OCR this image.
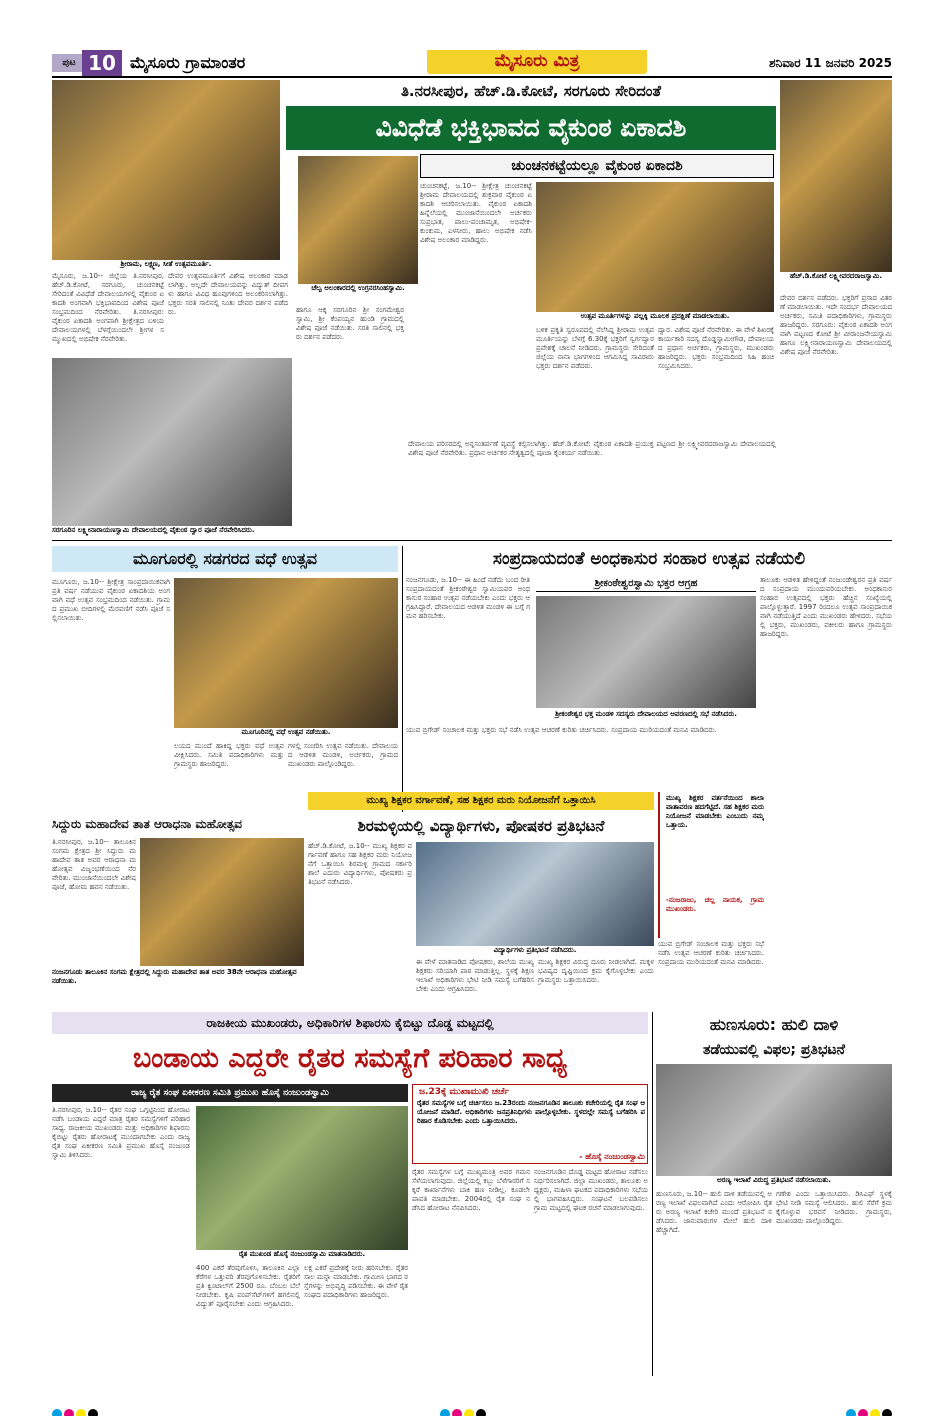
ಪುಟ 10 ಮೈಸೂರು ಗ್ರಾಮಾಂತರ	ಮೈಸೂರು ಮಿತ್ರ	ಶನಿವಾರ 11 ಜನವರಿ 2025
ಶ್ರೀರಾಮ, ಲಕ್ಷ್ಮಣ, ಸೀತೆ ಉತ್ಸವಮೂರ್ತಿ.
ತಿ.ನರಸೀಪುರ, ಹೆಚ್.ಡಿ.ಕೋಟೆ, ಸರಗೂರು ಸೇರಿದಂತೆ
ವಿವಿಧೆಡೆ ಭಕ್ತಿಭಾವದ ವೈಕುಂಠ ಏಕಾದಶಿ
ಹೆಚ್.ಡಿ.ಕೋಟೆ ಲಕ್ಷ್ಮೀವರದರಾಜಸ್ವಾಮಿ.
ಚೆಲ್ವ ಅಲಂಕಾರದಲ್ಲಿ ಉಗ್ರನರಸಿಂಹಸ್ವಾಮಿ.
ಮೈಸೂರು, ಜ.10-- ಜಿಲ್ಲೆಯ ತಿ.ನರಸೀಪುರ, ಹೆಚ್.ಡಿ.ಕೋಟೆ, ಸರಗೂರು, ಚುಂಚನಕಟ್ಟೆ ಸೇರಿದಂತೆ ವಿವಿಧೆಡೆ ದೇವಾಲಯಗಳಲ್ಲಿ ವೈಕುಂಠ ಏಕಾದಶಿ ಅಂಗವಾಗಿ ಭಕ್ತಿಭಾವದಿಂದ ವಿಶೇಷ ಪೂಜೆ ಸಂಭ್ರಮದಿಂದ ನೆರವೇರಿತು. ತಿ.ನರಸೀಪುರ: ವೈಕುಂಠ ಏಕಾದಶಿ ಅಂಗವಾಗಿ ಶ್ರೀಕ್ಷೇತ್ರದ ಬಳಿಯ ದೇವಾಲಯಗಳಲ್ಲಿ ಬೆಳಗ್ಗೆಯಿಂದಲೇ ಶ್ರೀಗಳ ಸಮ್ಮುಖದಲ್ಲಿ ಅಭಿಷೇಕ ನೆರವೇರಿತು.
ದೇವರ ಉತ್ಸವಮೂರ್ತಿಗೆ ವಿಶೇಷ ಅಲಂಕಾರ ಮಾಡಲಾಗಿತ್ತು. ಅಲ್ಲದೇ ದೇವಾಲಯವನ್ನು ವಿದ್ಯುತ್ ದೀಪಗಳು ಹಾಗೂ ವಿವಿಧ ಹೂವುಗಳಿಂದ ಅಲಂಕರಿಸಲಾಗಿತ್ತು. ಭಕ್ತರು ಸರತಿ ಸಾಲಿನಲ್ಲಿ ನಿಂತು ದೇವರ ದರ್ಶನ ಪಡೆದರು.
ಸರಗೂರಿನ ಲಕ್ಷ್ಮೀನಾರಾಯಣಸ್ವಾಮಿ ದೇವಾಲಯದಲ್ಲಿ ವೈಕುಂಠ ದ್ವಾರ ಪೂಜೆ ನೆರವೇರಿಸಿದರು.
ಹಾಗೂ ಆಕ್ಕ ಸರಗೂರಿನ ಶ್ರೀ ಸಂಗಮೇಶ್ವರ ಸ್ವಾಮಿ, ಶ್ರೀ ಕೆಂಪಯ್ಯನ ಹುಂಡಿ ಗ್ರಾಮದಲ್ಲಿ ವಿಶೇಷ ಪೂಜೆ ನಡೆಯಿತು. ಸರತಿ ಸಾಲಿನಲ್ಲಿ ಭಕ್ತರು ದರ್ಶನ ಪಡೆದರು.
ದೇವರ ದರ್ಶನ ಪಡೆದರು. ಭಕ್ತರಿಗೆ ಪ್ರಸಾದ ವಿತರಣೆ ಮಾಡಲಾಯಿತು. ಇದೇ ಸಂದರ್ಭ ದೇವಾಲಯದ ಅರ್ಚಕರು, ಸಮಿತಿ ಪದಾಧಿಕಾರಿಗಳು, ಗ್ರಾಮಸ್ಥರು ಹಾಜರಿದ್ದರು. ಸರಗೂರು: ವೈಕುಂಠ ಏಕಾದಶಿ ಅಂಗವಾಗಿ ಪಟ್ಟಣದ ಕೋಟೆ ಶ್ರೀ ವೀರಾಂಜನೇಯಸ್ವಾಮಿ ಹಾಗೂ ಲಕ್ಷ್ಮೀನಾರಾಯಣಸ್ವಾಮಿ ದೇವಾಲಯದಲ್ಲಿ ವಿಶೇಷ ಪೂಜೆ ನೆರವೇರಿತು.
ಚುಂಚನಕಟ್ಟೆಯಲ್ಲೂ ವೈಕುಂಠ ಏಕಾದಶಿ
ಚುಂಚನಕಟ್ಟೆ, ಜ.10-- ಶ್ರೀಕ್ಷೇತ್ರ ಚುಂಚನಕಟ್ಟೆ ಶ್ರೀರಾಮ ದೇವಾಲಯದಲ್ಲಿ ಶುಕ್ರವಾರ ವೈಕುಂಠ ಏಕಾದಶಿ ಆಚರಿಸಲಾಯಿತು. ವೈಕುಂಠ ಏಕಾದಶಿ ಹಿನ್ನೆಲೆಯಲ್ಲಿ ಮುಂಜಾನೆಯಿಂದಲೇ ಅರ್ಚಕರು ಸುಪ್ರಭಾತ, ಪಾಲು-ಪಂಚಾಮೃತ, ಅಭಿಷೇಕ-ಕುಂಕುಮ, ಎಳನೀರು, ಹಾಲು ಅಭಿಷೇಕ ನಡೆಸಿ ವಿಶೇಷ ಅಲಂಕಾರ ಮಾಡಿದ್ದರು.
ಉತ್ಸವ ಮೂರ್ತಿಗಳನ್ನು ಪಲ್ಲಕ್ಕಿ ಮೂಲಕ ಪ್ರದಕ್ಷಿಣೆ ಮಾಡಲಾಯಿತು.
ಬಳಿಕ ಪ್ರಕೃತಿ ಸ್ವರೂಪದಲ್ಲಿ ನೆಲೆಸಿದ್ದ ಶ್ರೀರಾಮ ಉತ್ಸವ ಮೂರ್ತಿಯನ್ನು ಬೆಳಗ್ಗೆ 6.30ಕ್ಕೆ ಭಕ್ತರಿಗೆ ಸ್ವರ್ಗದ್ವಾರ ಪ್ರವೇಶಕ್ಕೆ ಚಾಲನೆ ನೀಡಿದರು. ಗ್ರಾಮಸ್ಥರು ಸೇರಿದಂತೆ ಜಿಲ್ಲೆಯ ನಾನಾ ಭಾಗಗಳಿಂದ ಆಗಮಿಸಿದ್ದ ಸಾವಿರಾರು ಭಕ್ತರು ದರ್ಶನ ಪಡೆದರು.
ದ್ವಾರ. ವಿಶೇಷ ಪೂಜೆ ನೆರವೇರಿತು. ಈ ವೇಳೆ ಶಿಖರಕ್ಕೆ ಕಾರ್ಯಕಾರಿ ಸದಸ್ಯ ದೊಡ್ಡಸ್ವಾಮೀಗೌಡ, ದೇವಾಲಯದ ಪ್ರಧಾನ ಅರ್ಚಕರು, ಗ್ರಾಮಸ್ಥರು, ಮುಖಂಡರು ಹಾಜರಿದ್ದರು. ಭಕ್ತರು ಸಂಭ್ರಮದಿಂದ ಸಿಹಿ ಹಂಚಿ ಸಂಭ್ರಮಿಸಿದರು.
ದೇವಾಲಯ ಪರಿಸರದಲ್ಲಿ ಅನ್ನಸಂತರ್ಪಣೆ ವ್ಯವಸ್ಥೆ ಕಲ್ಪಿಸಲಾಗಿತ್ತು. ಹೆಚ್.ಡಿ.ಕೋಟೆ: ವೈಕುಂಠ ಏಕಾದಶಿ ಪ್ರಯುಕ್ತ ಪಟ್ಟಣದ ಶ್ರೀ ಲಕ್ಷ್ಮೀವರದರಾಜಸ್ವಾಮಿ ದೇವಾಲಯದಲ್ಲಿ ವಿಶೇಷ ಪೂಜೆ ನೆರವೇರಿತು. ಪ್ರಧಾನ ಅರ್ಚಕರ ನೇತೃತ್ವದಲ್ಲಿ ಪೂಜಾ ಕೈಂಕರ್ಯ ನಡೆಯಿತು.
ಮೂಗೂರಲ್ಲಿ ಸಡಗರದ ವಧೆ ಉತ್ಸವ
ಮೂಗೂರು, ಜ.10-- ಶ್ರೀಕ್ಷೇತ್ರ ಸಾಂಪ್ರದಾಯಿಕವಾಗಿ ಪ್ರತಿ ವರ್ಷ ನಡೆಯುವ ವೈಕುಂಠ ಏಕಾದಶಿಯ ಅಂಗವಾಗಿ ವಧೆ ಉತ್ಸವ ಸಂಭ್ರಮದಿಂದ ನಡೆಯಿತು. ಗ್ರಾಮದ ಪ್ರಮುಖ ಬೀದಿಗಳಲ್ಲಿ ಮೆರವಣಿಗೆ ನಡೆಸಿ ಪೂಜೆ ಸಲ್ಲಿಸಲಾಯಿತು.
ಮೂಗೂರಿನಲ್ಲಿ ವಧೆ ಉತ್ಸವ ನಡೆಯಿತು.
ಲಯದ ಮುಂದೆ ಹಾಕಿದ್ದ ಭಕ್ತರು ವಧೆ ಉತ್ಸವ ವೀಕ್ಷಿಸಿದರು. ಸಮಿತಿ ಪದಾಧಿಕಾರಿಗಳು ಮತ್ತು ಗ್ರಾಮಸ್ಥರು ಹಾಜರಿದ್ದರು.
ಗಳಲ್ಲಿ ಸಂಚರಿಸಿ ಉತ್ಸವ ನಡೆಯಿತು. ದೇವಾಲಯದ ಆಡಳಿತ ಮಂಡಳಿ, ಅರ್ಚಕರು, ಗ್ರಾಮದ ಮುಖಂಡರು ಪಾಲ್ಗೊಂಡಿದ್ದರು.
ಸಂಪ್ರದಾಯದಂತೆ ಅಂಧಕಾಸುರ ಸಂಹಾರ ಉತ್ಸವ ನಡೆಯಲಿ
ನಂಜನಗೂಡು, ಜ.10-- ಈ ಹಿಂದೆ ನಡೆದು ಬಂದ ರೀತಿ ಸಂಪ್ರದಾಯದಂತೆ ಶ್ರೀಕಂಠೇಶ್ವರ ಸ್ವಾಮಿಯವರ ಅಂಧಕಾಸುರ ಸಂಹಾರ ಉತ್ಸವ ನಡೆಯಬೇಕು ಎಂದು ಭಕ್ತರು ಆಗ್ರಹಿಸಿದ್ದಾರೆ. ದೇವಾಲಯದ ಆಡಳಿತ ಮಂಡಳಿ ಈ ಬಗ್ಗೆ ಗಮನ ಹರಿಸಬೇಕು.
ಶ್ರೀಕಂಠೇಶ್ವರಸ್ವಾಮಿ ಭಕ್ತರ ಆಗ್ರಹ
ಶ್ರೀಕಂಠೇಶ್ವರ ಭಕ್ತ ಮಂಡಳಿ ಸದಸ್ಯರು ದೇವಾಲಯದ ಆವರಣದಲ್ಲಿ ಸಭೆ ನಡೆಸಿದರು.
ಯುವ ಬ್ರಿಗೇಡ್ ಸಂಚಾಲಕ ಮತ್ತು ಭಕ್ತರು ಸಭೆ ನಡೆಸಿ ಉತ್ಸವ ಆಚರಣೆ ಕುರಿತು ಚರ್ಚಿಸಿದರು. ಸಂಪ್ರದಾಯ ಮುರಿಯದಂತೆ ಮನವಿ ಮಾಡಿದರು.
ತಾಲೂಕು ಆಡಳಿತ ಹೇಳಿದ್ದಂತೆ ನಂಜುಂಡೇಶ್ವರನ ಪ್ರತಿ ವರ್ಷದ ಸಂಪ್ರದಾಯ ಮುಂದುವರಿಯಬೇಕು. ಅಂಧಕಾಸುರ ಸಂಹಾರ ಉತ್ಸವದಲ್ಲಿ ಭಕ್ತರು ಹೆಚ್ಚಿನ ಸಂಖ್ಯೆಯಲ್ಲಿ ಪಾಲ್ಗೊಳ್ಳುತ್ತಾರೆ. 1997 ರಿಂದಲೂ ಉತ್ಸವ ಸಾಂಪ್ರದಾಯಿಕವಾಗಿ ನಡೆಯುತ್ತಿದೆ ಎಂದು ಮುಖಂಡರು ಹೇಳಿದರು. ಸಭೆಯಲ್ಲಿ ಭಕ್ತರು, ಮುಖಂಡರು, ವಕೀಲರು ಹಾಗೂ ಗ್ರಾಮಸ್ಥರು ಹಾಜರಿದ್ದರು.
ಸಿದ್ದುರು ಮಹಾದೇವ ತಾತ ಆರಾಧನಾ ಮಹೋತ್ಸವ
ತಿ.ನರಸೀಪುರ, ಜ.10-- ತಾಲೂಕಿನ ಸಂಗಮ ಕ್ಷೇತ್ರದ ಶ್ರೀ ಸಿದ್ದುರು ಮಹಾದೇವ ತಾತ ಅವರ ಆರಾಧನಾ ಮಹೋತ್ಸವ ವಿಜೃಂಭಣೆಯಿಂದ ನೆರವೇರಿತು. ಮುಂಜಾನೆಯಿಂದಲೇ ವಿಶೇಷ ಪೂಜೆ, ಹೋಮ ಹವನ ನಡೆಯಿತು.
ನಂಜನಗೂಡು ತಾಲೂಕಿನ ಸಂಗಮ ಕ್ಷೇತ್ರದಲ್ಲಿ ಸಿದ್ದುರು ಮಹಾದೇವ ತಾತ ಅವರ 38ನೇ ಆರಾಧನಾ ಮಹೋತ್ಸವ ನಡೆಯಿತು.
ಮುಖ್ಯ ಶಿಕ್ಷಕರ ವರ್ಗಾವಣೆ, ಸಹ ಶಿಕ್ಷಕರ ಮರು ನಿಯೋಜನೆಗೆ ಒತ್ತಾಯಿಸಿ
ಶಿರಮಳ್ಳಿಯಲ್ಲಿ ವಿದ್ಯಾರ್ಥಿಗಳು, ಪೋಷಕರ ಪ್ರತಿಭಟನೆ
ಹೆಚ್.ಡಿ.ಕೋಟೆ, ಜ.10-- ಮುಖ್ಯ ಶಿಕ್ಷಕರ ವರ್ಗಾವಣೆ ಹಾಗೂ ಸಹ ಶಿಕ್ಷಕರ ಮರು ನಿಯೋಜನೆಗೆ ಒತ್ತಾಯಿಸಿ ಶಿರಮಳ್ಳಿ ಗ್ರಾಮದ ಸರ್ಕಾರಿ ಶಾಲೆ ಎದುರು ವಿದ್ಯಾರ್ಥಿಗಳು, ಪೋಷಕರು ಪ್ರತಿಭಟನೆ ನಡೆಸಿದರು.
ವಿದ್ಯಾರ್ಥಿಗಳು ಪ್ರತಿಭಟನೆ ನಡೆಸಿದರು.
ಈ ವೇಳೆ ಮಾತನಾಡಿದ ಪೋಷಕರು, ಶಾಲೆಯ ಮುಖ್ಯ ಶಿಕ್ಷಕರು ಸರಿಯಾಗಿ ಪಾಠ ಮಾಡುತ್ತಿಲ್ಲ. ಸ್ಥಳಕ್ಕೆ ಶಿಕ್ಷಣ ಇಲಾಖೆ ಅಧಿಕಾರಿಗಳು ಭೇಟಿ ನೀಡಿ ಸಮಸ್ಯೆ ಬಗೆಹರಿಸಬೇಕು ಎಂದು ಆಗ್ರಹಿಸಿದರು.
ಮುಖ್ಯ ಶಿಕ್ಷಕರ ವಿರುದ್ಧ ದೂರು ನೀಡಲಾಗಿದೆ. ಮಕ್ಕಳ ಭವಿಷ್ಯದ ದೃಷ್ಟಿಯಿಂದ ಕ್ರಮ ಕೈಗೊಳ್ಳಬೇಕು ಎಂದು ಗ್ರಾಮಸ್ಥರು ಒತ್ತಾಯಿಸಿದರು.
ಮುಖ್ಯ ಶಿಕ್ಷಕರ ವರ್ತನೆಯಿಂದ ಶಾಲಾ ವಾತಾವರಣ ಹದಗೆಟ್ಟಿದೆ. ಸಹ ಶಿಕ್ಷಕರ ಮರು ನಿಯೋಜನೆ ಮಾಡಬೇಕು ಎಂಬುದು ನಮ್ಮ ಒತ್ತಾಯ.
-ನಂಜರಾಜು, ಚಲ್ಲ ನಾಯಕ, ಗ್ರಾಮ ಮುಖಂಡರು.
ಯುವ ಬ್ರಿಗೇಡ್ ಸಂಚಾಲಕ ಮತ್ತು ಭಕ್ತರು ಸಭೆ ನಡೆಸಿ ಉತ್ಸವ ಆಚರಣೆ ಕುರಿತು ಚರ್ಚಿಸಿದರು. ಸಂಪ್ರದಾಯ ಮುರಿಯದಂತೆ ಮನವಿ ಮಾಡಿದರು.
ರಾಜಕೀಯ ಮುಖಂಡರು, ಅಧಿಕಾರಿಗಳ ಶಿಫಾರಸು ಕೈಬಿಟ್ಟು ದೊಡ್ಡ ಮಟ್ಟದಲ್ಲಿ
ಬಂಡಾಯ ಎದ್ದರೇ ರೈತರ ಸಮಸ್ಯೆಗೆ ಪರಿಹಾರ ಸಾಧ್ಯ
ರಾಜ್ಯ ರೈತ ಸಂಘ ಏಕೀಕರಣ ಸಮಿತಿ ಪ್ರಮುಖ ಹೊಸ್ಕೆ ನಂಜುಂಡಸ್ವಾಮಿ	ಜ.23ಕ್ಕೆ ಮುಖಾಮುಖಿ ಚರ್ಚೆ
ರೈತರ ಸಮಸ್ಯೆಗಳ ಬಗ್ಗೆ ಚರ್ಚಿಸಲು ಜ.23ರಂದು ನಂಜನಗೂಡಿನ ತಾಲೂಕು ಕಚೇರಿಯಲ್ಲಿ ರೈತ ಸಂಘ ಆಯೋಜನೆ ಮಾಡಿದೆ. ಅಧಿಕಾರಿಗಳು ಜನಪ್ರತಿನಿಧಿಗಳು ಪಾಲ್ಗೊಳ್ಳಬೇಕು. ಸ್ಥಳದಲ್ಲೇ ಸಮಸ್ಯೆ ಬಗೆಹರಿಸಿ ಪರಿಹಾರ ಕೊಡಿಸಬೇಕು ಎಂದು ಒತ್ತಾಯಿಸಿದರು.
- ಹೊಸ್ಕೆ ನಂಜುಂಡಸ್ವಾಮಿ
ತಿ.ನರಸೀಪುರ, ಜ.10-- ರೈತರ ಸಂಘ ಒಗ್ಗಟ್ಟಿನಿಂದ ಹೋರಾಟ ನಡೆಸಿ ಬಂಡಾಯ ಎದ್ದರೆ ಮಾತ್ರ ರೈತರ ಸಮಸ್ಯೆಗಳಿಗೆ ಪರಿಹಾರ ಸಾಧ್ಯ. ರಾಜಕೀಯ ಮುಖಂಡರು ಮತ್ತು ಅಧಿಕಾರಿಗಳ ಶಿಫಾರಸು ಕೈಬಿಟ್ಟು ರೈತರು ಹೋರಾಟಕ್ಕೆ ಮುಂದಾಗಬೇಕು ಎಂದು ರಾಜ್ಯ ರೈತ ಸಂಘ ಏಕೀಕರಣ ಸಮಿತಿ ಪ್ರಮುಖ ಹೊಸ್ಕೆ ನಂಜುಂಡಸ್ವಾಮಿ ತಿಳಿಸಿದರು.
ರೈತ ಮುಖಂಡ ಹೊಸ್ಕೆ ನಂಜುಂಡಸ್ವಾಮಿ ಮಾತನಾಡಿದರು.
400 ಎಕರೆ ತೆರವುಗೊಳಿಸಿ, ತಾಲೂಕಿನ ಎಲ್ಲಾ ಕೆರೆಗಳ ಒತ್ತುವರಿ ತೆರವುಗೊಳಿಸಬೇಕು. ರೈತರಿಗೆ ಪ್ರತಿ ಕ್ವಿಂಟಾಲ್‌ಗೆ 2500 ರೂ. ಬೆಂಬಲ ಬೆಲೆ ನೀಡಬೇಕು. ಕೃಷಿ ಪಂಪ್‌ಸೆಟ್‌ಗಳಿಗೆ ಹಗಲಿನಲ್ಲಿ ವಿದ್ಯುತ್ ಪೂರೈಸಬೇಕು ಎಂದು ಆಗ್ರಹಿಸಿದರು.
ಲಕ್ಷ ಎಕರೆ ಪ್ರದೇಶಕ್ಕೆ ನೀರು ಹರಿಸಬೇಕು. ರೈತರ ಸಾಲ ಮನ್ನಾ ಮಾಡಬೇಕು. ಗ್ರಾಮೀಣ ಭಾಗದ ರಸ್ತೆಗಳನ್ನು ಅಭಿವೃದ್ಧಿ ಪಡಿಸಬೇಕು. ಈ ವೇಳೆ ರೈತ ಸಂಘದ ಪದಾಧಿಕಾರಿಗಳು ಹಾಜರಿದ್ದರು.
ರೈತರ ಸಮಸ್ಯೆಗಳ ಬಗ್ಗೆ ಮುಖ್ಯಮಂತ್ರಿ ಅವರ ಗಮನ ಸೆಳೆಯಲಾಗುವುದು. ಜಿಲ್ಲೆಯಲ್ಲಿ ಕಬ್ಬು ಬೆಳೆಗಾರರಿಗೆ ಸಕ್ಕರೆ ಕಾರ್ಖಾನೆಗಳು ಬಾಕಿ ಹಣ ನೀಡಿಲ್ಲ. ಕೂಡಲೇ ಪಾವತಿ ಮಾಡಬೇಕು. 2004ರಲ್ಲಿ ರೈತ ಸಂಘ ನಡೆಸಿದ ಹೋರಾಟ ನೆನಪಿಸಿದರು.
ನಂಜನಗೂಡಿನ ದೊಡ್ಡ ಮಟ್ಟದ ಹೋರಾಟ ನಡೆಸಲು ನಿರ್ಧರಿಸಲಾಗಿದೆ. ಜಿಲ್ಲಾ ಮುಖಂಡರು, ತಾಲೂಕು ಅಧ್ಯಕ್ಷರು, ಮಹಿಳಾ ಘಟಕದ ಪದಾಧಿಕಾರಿಗಳು ಸಭೆಯಲ್ಲಿ ಭಾಗವಹಿಸಿದ್ದರು. ಸಂಘಟನೆ ಬಲಪಡಿಸಲು ಗ್ರಾಮ ಮಟ್ಟದಲ್ಲಿ ಘಟಕ ರಚನೆ ಮಾಡಲಾಗುವುದು.
ಹುಣಸೂರು: ಹುಲಿ ದಾಳಿ
ತಡೆಯುವಲ್ಲಿ ವಿಫಲ; ಪ್ರತಿಭಟನೆ
ಅರಣ್ಯ ಇಲಾಖೆ ವಿರುದ್ಧ ಪ್ರತಿಭಟನೆ ನಡೆಸಲಾಯಿತು.
ಹುಣಸೂರು, ಜ.10-- ಹುಲಿ ದಾಳಿ ತಡೆಯುವಲ್ಲಿ ಅರಣ್ಯ ಇಲಾಖೆ ವಿಫಲವಾಗಿದೆ ಎಂದು ಆರೋಪಿಸಿ ರೈತರು ಅರಣ್ಯ ಇಲಾಖೆ ಕಚೇರಿ ಮುಂದೆ ಪ್ರತಿಭಟನೆ ನಡೆಸಿದರು. ಜಾನುವಾರುಗಳ ಮೇಲೆ ಹುಲಿ ದಾಳಿ ಹೆಚ್ಚಾಗಿದೆ.
ಗಣೇಶ ಎಂದು ಒತ್ತಾಯಿಸಿದರು. ಡಿಸಿಎಫ್ ಸ್ಥಳಕ್ಕೆ ಭೇಟಿ ನೀಡಿ ಸಮಸ್ಯೆ ಆಲಿಸಿದರು. ಹುಲಿ ಸೆರೆಗೆ ಕ್ರಮ ಕೈಗೊಳ್ಳುವ ಭರವಸೆ ನೀಡಿದರು. ಗ್ರಾಮಸ್ಥರು, ಮುಖಂಡರು ಪಾಲ್ಗೊಂಡಿದ್ದರು.
